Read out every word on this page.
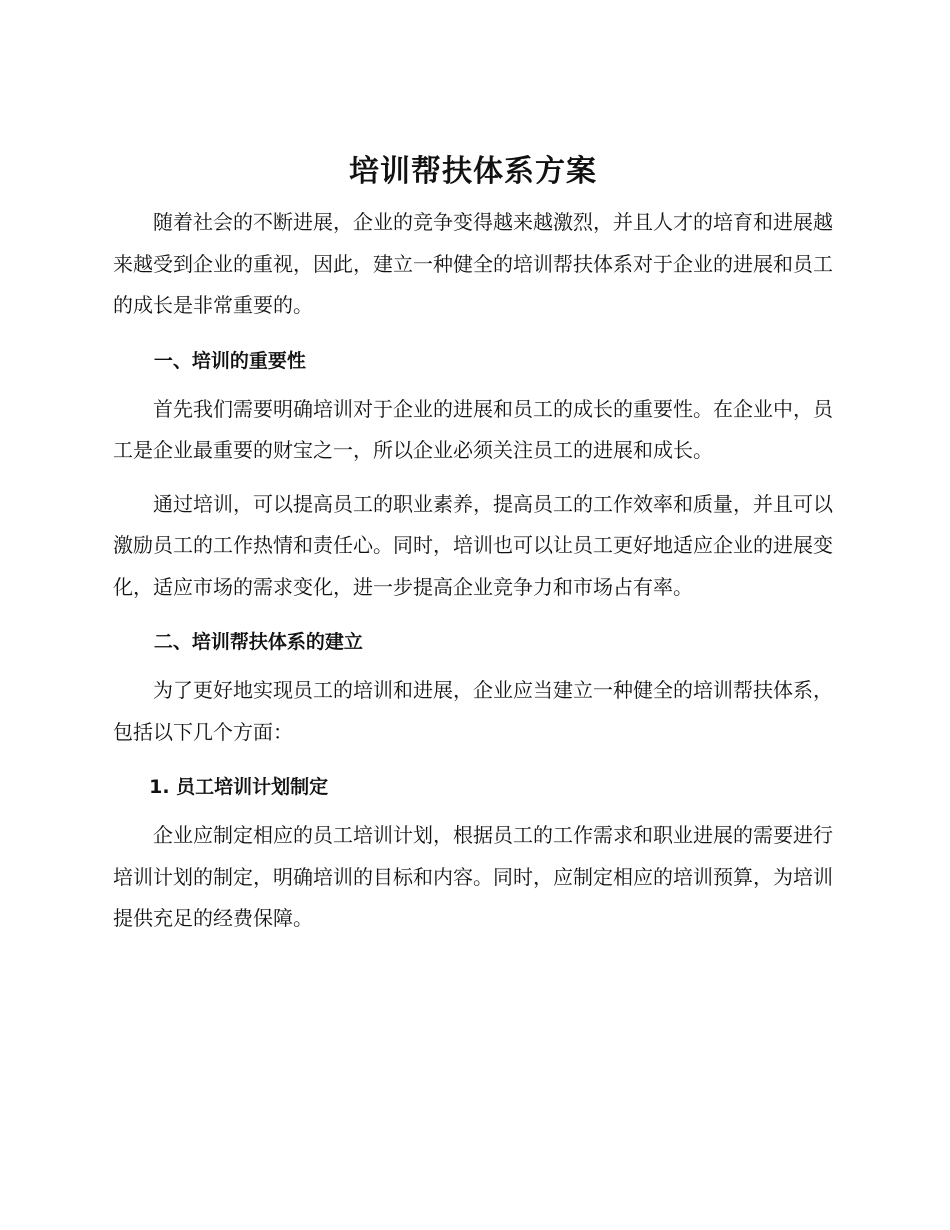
培训帮扶体系方案

随着社会的不断进展，企业的竞争变得越来越激烈，并且人才的培育和进展越来越受到企业的重视，因此，建立一种健全的培训帮扶体系对于企业的进展和员工的成长是非常重要的。

一、培训的重要性

首先我们需要明确培训对于企业的进展和员工的成长的重要性。在企业中，员工是企业最重要的财宝之一，所以企业必须关注员工的进展和成长。

通过培训，可以提高员工的职业素养，提高员工的工作效率和质量，并且可以激励员工的工作热情和责任心。同时，培训也可以让员工更好地适应企业的进展变化，适应市场的需求变化，进一步提高企业竞争力和市场占有率。

二、培训帮扶体系的建立

为了更好地实现员工的培训和进展，企业应当建立一种健全的培训帮扶体系，包括以下几个方面：

1. 员工培训计划制定

企业应制定相应的员工培训计划，根据员工的工作需求和职业进展的需要进行培训计划的制定，明确培训的目标和内容。同时，应制定相应的培训预算，为培训提供充足的经费保障。
